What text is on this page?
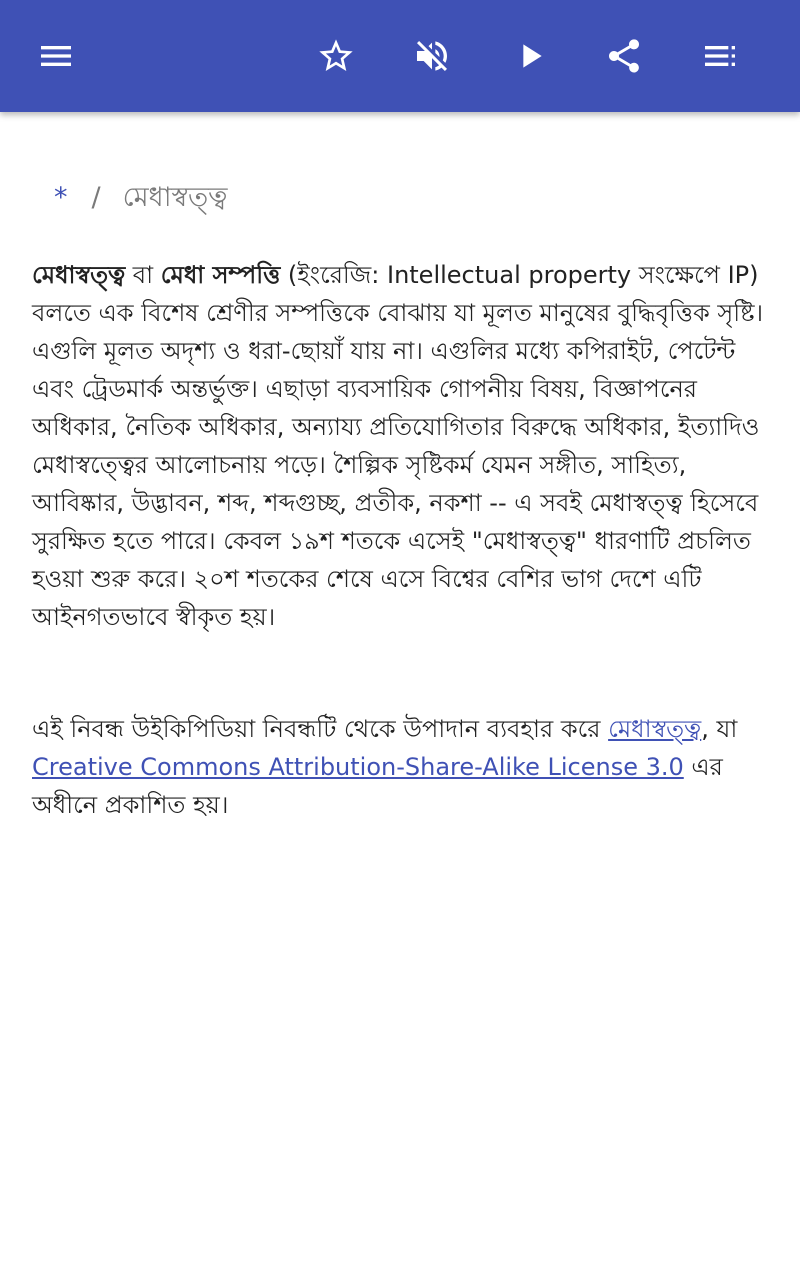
* / মেধাস্বত্ত্ব
মেধাস্বত্ত্ব বা মেধা সম্পত্তি (ইংরেজি: Intellectual property সংক্ষেপে IP) বলতে এক বিশেষ শ্রেণীর সম্পত্তিকে বোঝায় যা মূলত মানুষের বুদ্ধিবৃত্তিক সৃষ্টি। এগুলি মূলত অদৃশ্য ও ধরা-ছোয়াঁ যায় না। এগুলির মধ্যে কপিরাইট, পেটেন্ট এবং ট্রেডমার্ক অন্তর্ভুক্ত। এছাড়া ব্যবসায়িক গোপনীয় বিষয়, বিজ্ঞাপনের অধিকার, নৈতিক অধিকার, অন্যায্য প্রতিযোগিতার বিরুদ্ধে অধিকার, ইত্যাদিও মেধাস্বত্ত্বের আলোচনায় পড়ে। শৈল্পিক সৃষ্টিকর্ম যেমন সঙ্গীত, সাহিত্য, আবিষ্কার, উদ্ভাবন, শব্দ, শব্দগুচ্ছ, প্রতীক, নকশা -- এ সবই মেধাস্বত্ত্ব হিসেবে সুরক্ষিত হতে পারে। কেবল ১৯শ শতকে এসেই "মেধাস্বত্ত্ব" ধারণাটি প্রচলিত হওয়া শুরু করে। ২০শ শতকের শেষে এসে বিশ্বের বেশির ভাগ দেশে এটি আইনগতভাবে স্বীকৃত হয়।
এই নিবন্ধ উইকিপিডিয়া নিবন্ধটি থেকে উপাদান ব্যবহার করে মেধাস্বত্ত্ব, যা Creative Commons Attribution-Share-Alike License 3.0 এর অধীনে প্রকাশিত হয়।
